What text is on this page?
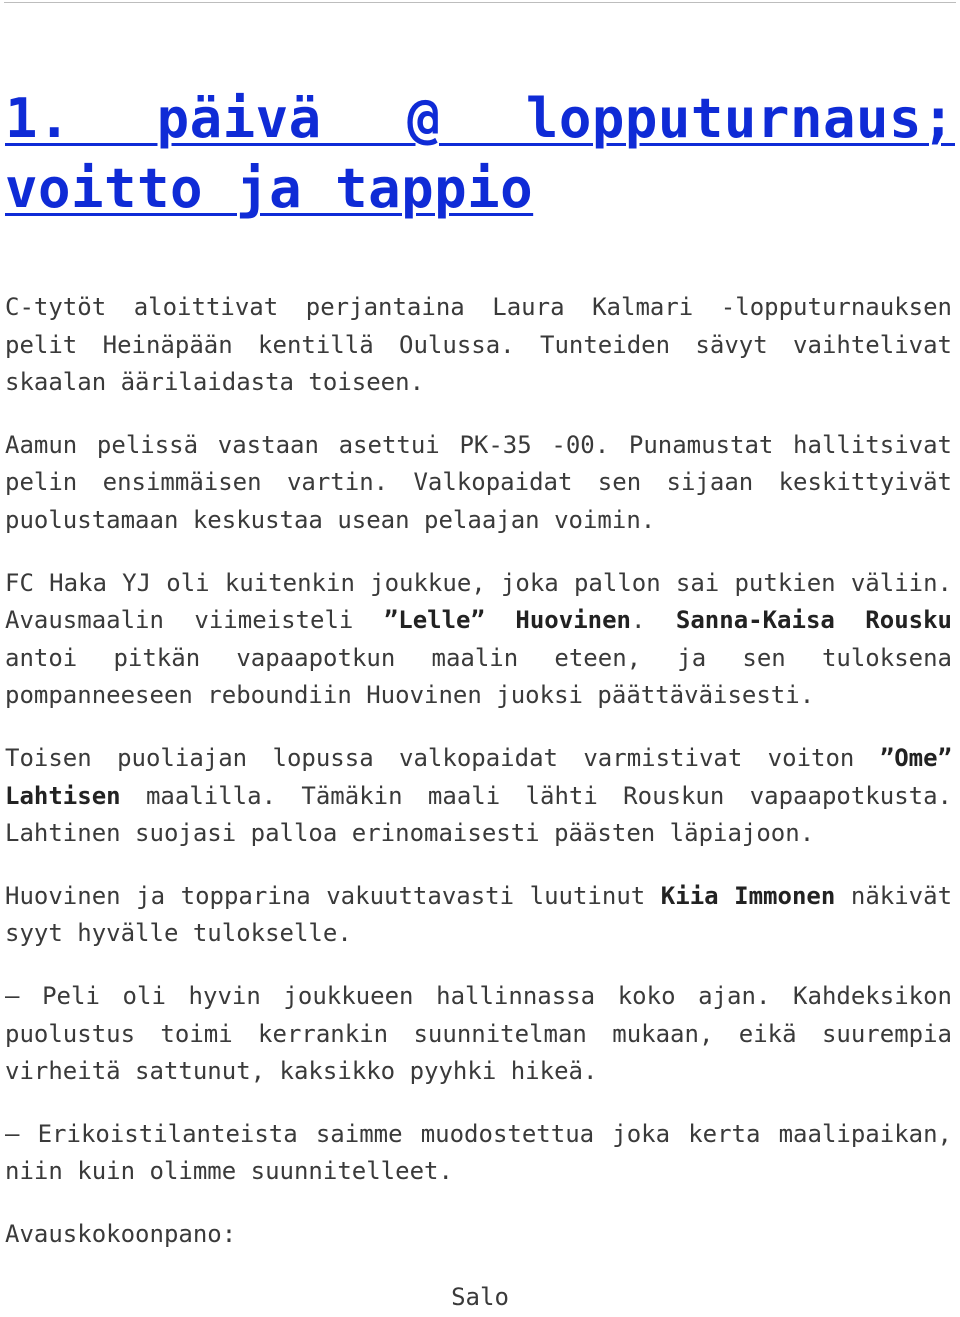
1. päivä @ lopputurnaus; voitto ja tappio

C-tytöt aloittivat perjantaina Laura Kalmari -lopputurnauksen pelit Heinäpään kentillä Oulussa. Tunteiden sävyt vaihtelivat skaalan äärilaidasta toiseen.

Aamun pelissä vastaan asettui PK-35 -00. Punamustat hallitsivat pelin ensimmäisen vartin. Valkopaidat sen sijaan keskittyivät puolustamaan keskustaa usean pelaajan voimin.

FC Haka YJ oli kuitenkin joukkue, joka pallon sai putkien väliin. Avausmaalin viimeisteli ”Lelle” Huovinen. Sanna-Kaisa Rousku antoi pitkän vapaapotkun maalin eteen, ja sen tuloksena pompanneeseen reboundiin Huovinen juoksi päättäväisesti.

Toisen puoliajan lopussa valkopaidat varmistivat voiton ”Ome” Lahtisen maalilla. Tämäkin maali lähti Rouskun vapaapotkusta. Lahtinen suojasi palloa erinomaisesti päästen läpiajoon.

Huovinen ja topparina vakuuttavasti luutinut Kiia Immonen näkivät syyt hyvälle tulokselle.

– Peli oli hyvin joukkueen hallinnassa koko ajan. Kahdeksikon puolustus toimi kerrankin suunnitelman mukaan, eikä suurempia virheitä sattunut, kaksikko pyyhki hikeä.

– Erikoistilanteista saimme muodostettua joka kerta maalipaikan, niin kuin olimme suunnitelleet.

Avauskokoonpano:

Salo
